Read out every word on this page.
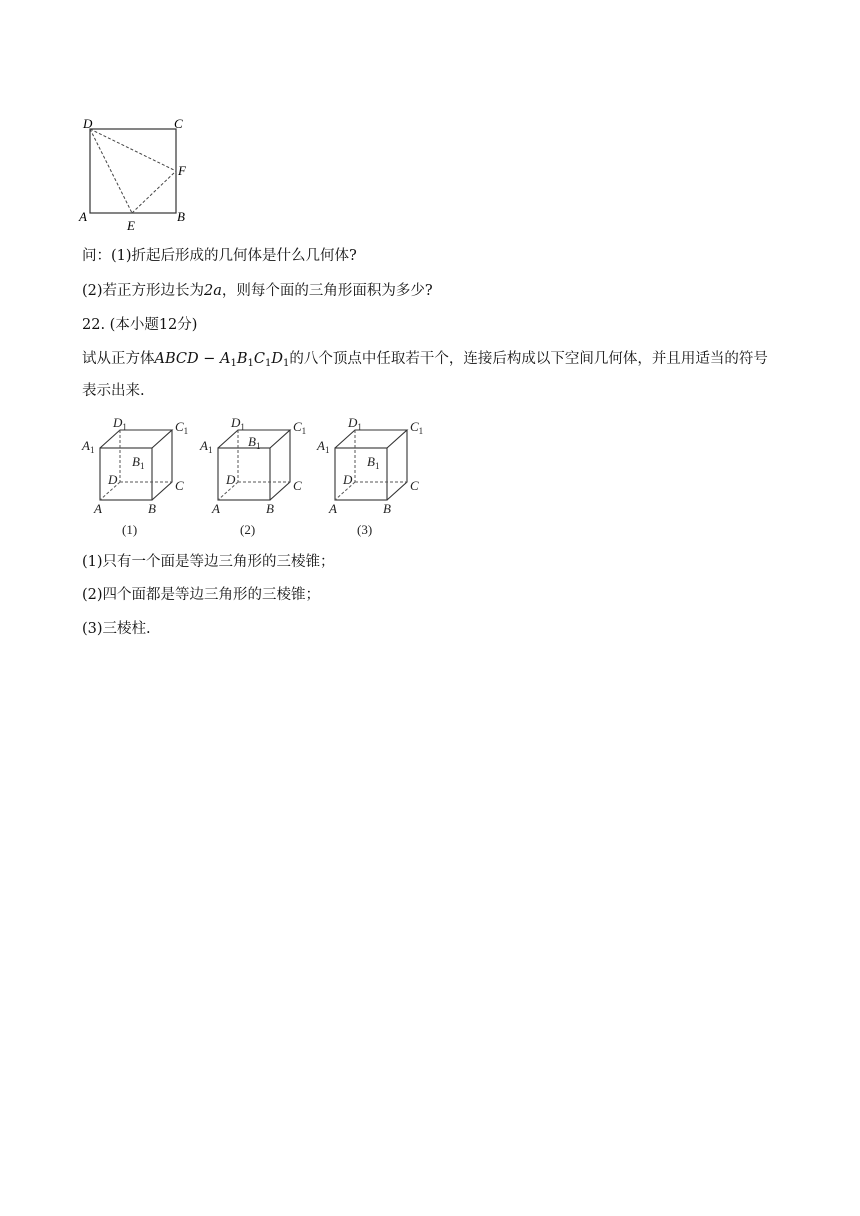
D	C
F
A
E
B
问：(1)折起后形成的几何体是什么几何体?
(2)若正方形边长为2a，则每个面的三角形面积为多少?
22. (本小题12分)
试从正方体ABCD − $A_1B_1C_1D_1$的八个顶点中任取若干个，连接后构成以下空间几何体，并且用适当的符号
表示出来.
$D_1$	$C_1$
$A_1$
$B_1$
D	C
A	B
(1)
$D_1$	$C_1$
$A_1$
$B_1$
D	C
A	B
(2)
$D_1$	$C_1$
$A_1$
$B_1$
D	C
A	B
(3)
(1)只有一个面是等边三角形的三棱锥；
(2)四个面都是等边三角形的三棱锥；
(3)三棱柱.
